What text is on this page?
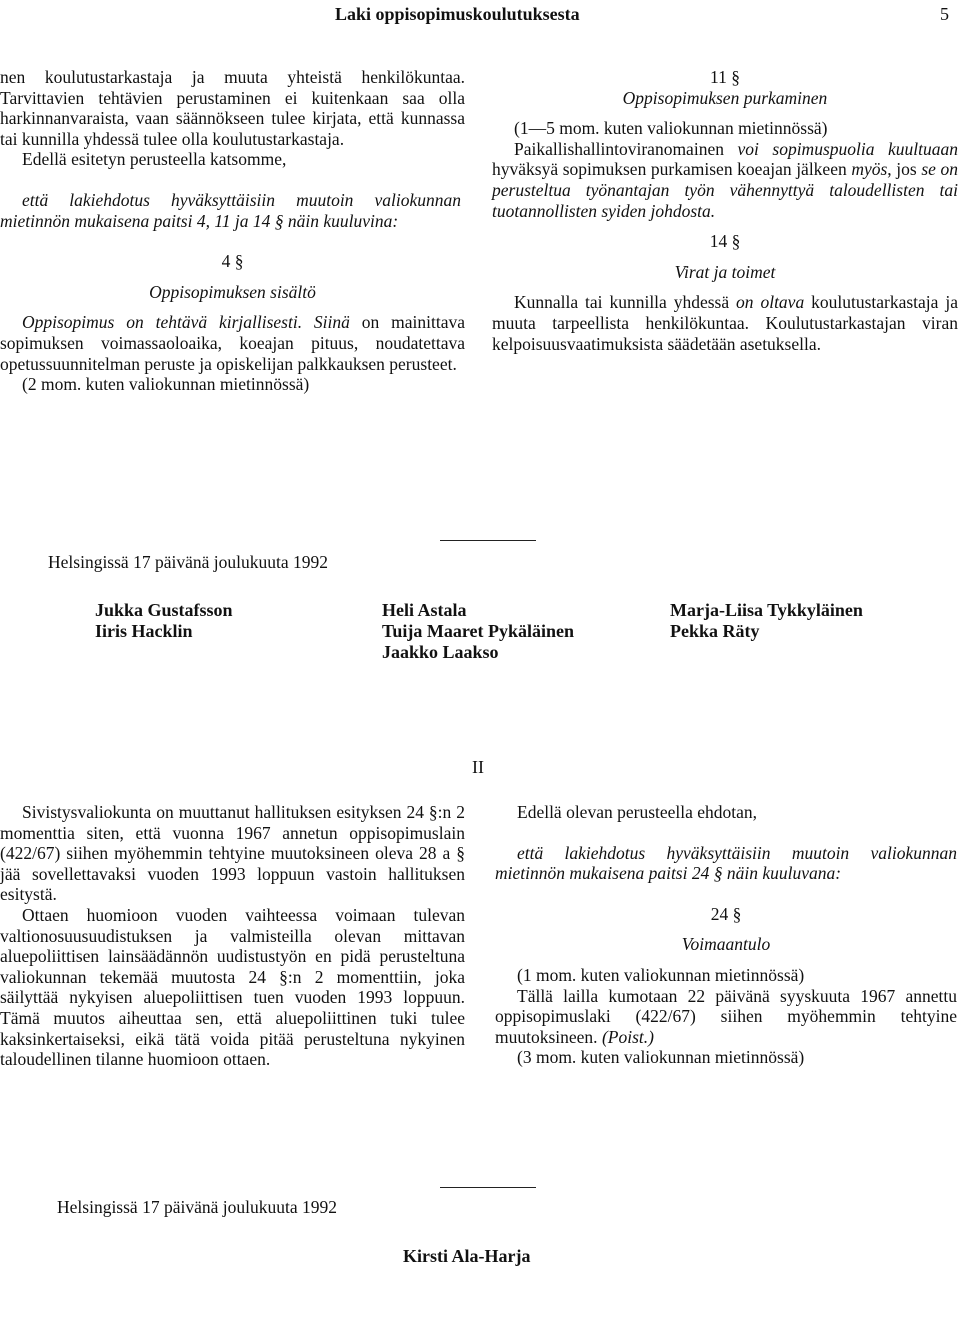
Laki oppisopimuskoulutuksesta	5

nen koulutustarkastaja ja muuta yhteistä henkilökuntaa. Tarvittavien tehtävien perustaminen ei kuitenkaan saa olla harkinnanvaraista, vaan säännökseen tulee kirjata, että kunnassa tai kunnilla yhdessä tulee olla koulutustarkastaja.

Edellä esitetyn perusteella katsomme,

että lakiehdotus hyväksyttäisiin muutoin valiokunnan mietinnön mukaisena paitsi 4, 11 ja 14 § näin kuuluvina:

4 §

Oppisopimuksen sisältö

Oppisopimus on tehtävä kirjallisesti. Siinä on mainittava sopimuksen voimassaoloaika, koeajan pituus, noudatettava opetussuunnitelman peruste ja opiskelijan palkkauksen perusteet.

(2 mom. kuten valiokunnan mietinnössä)

11 §

Oppisopimuksen purkaminen

(1—5 mom. kuten valiokunnan mietinnössä)

Paikallishallintoviranomainen voi sopimuspuolia kuultuaan hyväksyä sopimuksen purkamisen koeajan jälkeen myös, jos se on perusteltua työnantajan työn vähennyttyä taloudellisten tai tuotannollisten syiden johdosta.

14 §

Virat ja toimet

Kunnalla tai kunnilla yhdessä on oltava koulutustarkastaja ja muuta tarpeellista henkilökuntaa. Koulutustarkastajan viran kelpoisuusvaatimuksista säädetään asetuksella.

Helsingissä 17 päivänä joulukuuta 1992
Jukka Gustafsson
Iiris Hacklin
Heli Astala
Tuija Maaret Pykäläinen
Jaakko Laakso
Marja-Liisa Tykkyläinen
Pekka Räty
II

Sivistysvaliokunta on muuttanut hallituksen esityksen 24 §:n 2 momenttia siten, että vuonna 1967 annetun oppisopimuslain (422/67) siihen myöhemmin tehtyine muutoksineen oleva 28 a § jää sovellettavaksi vuoden 1993 loppuun vastoin hallituksen esitystä.

Ottaen huomioon vuoden vaihteessa voimaan tulevan valtionosuusuudistuksen ja valmisteilla olevan mittavan aluepoliittisen lainsäädännön uudistustyön en pidä perusteltuna valiokunnan tekemää muutosta 24 §:n 2 momenttiin, joka säilyttää nykyisen aluepoliittisen tuen vuoden 1993 loppuun. Tämä muutos aiheuttaa sen, että aluepoliittinen tuki tulee kaksinkertaiseksi, eikä tätä voida pitää perusteltuna nykyinen taloudellinen tilanne huomioon ottaen.

Helsingissä 17 päivänä joulukuuta 1992

Edellä olevan perusteella ehdotan,

että lakiehdotus hyväksyttäisiin muutoin valiokunnan mietinnön mukaisena paitsi 24 § näin kuuluvana:

24 §

Voimaantulo

(1 mom. kuten valiokunnan mietinnössä)

Tällä lailla kumotaan 22 päivänä syyskuuta 1967 annettu oppisopimuslaki (422/67) siihen myöhemmin tehtyine muutoksineen. (Poist.)

(3 mom. kuten valiokunnan mietinnössä)

Kirsti Ala-Harja
